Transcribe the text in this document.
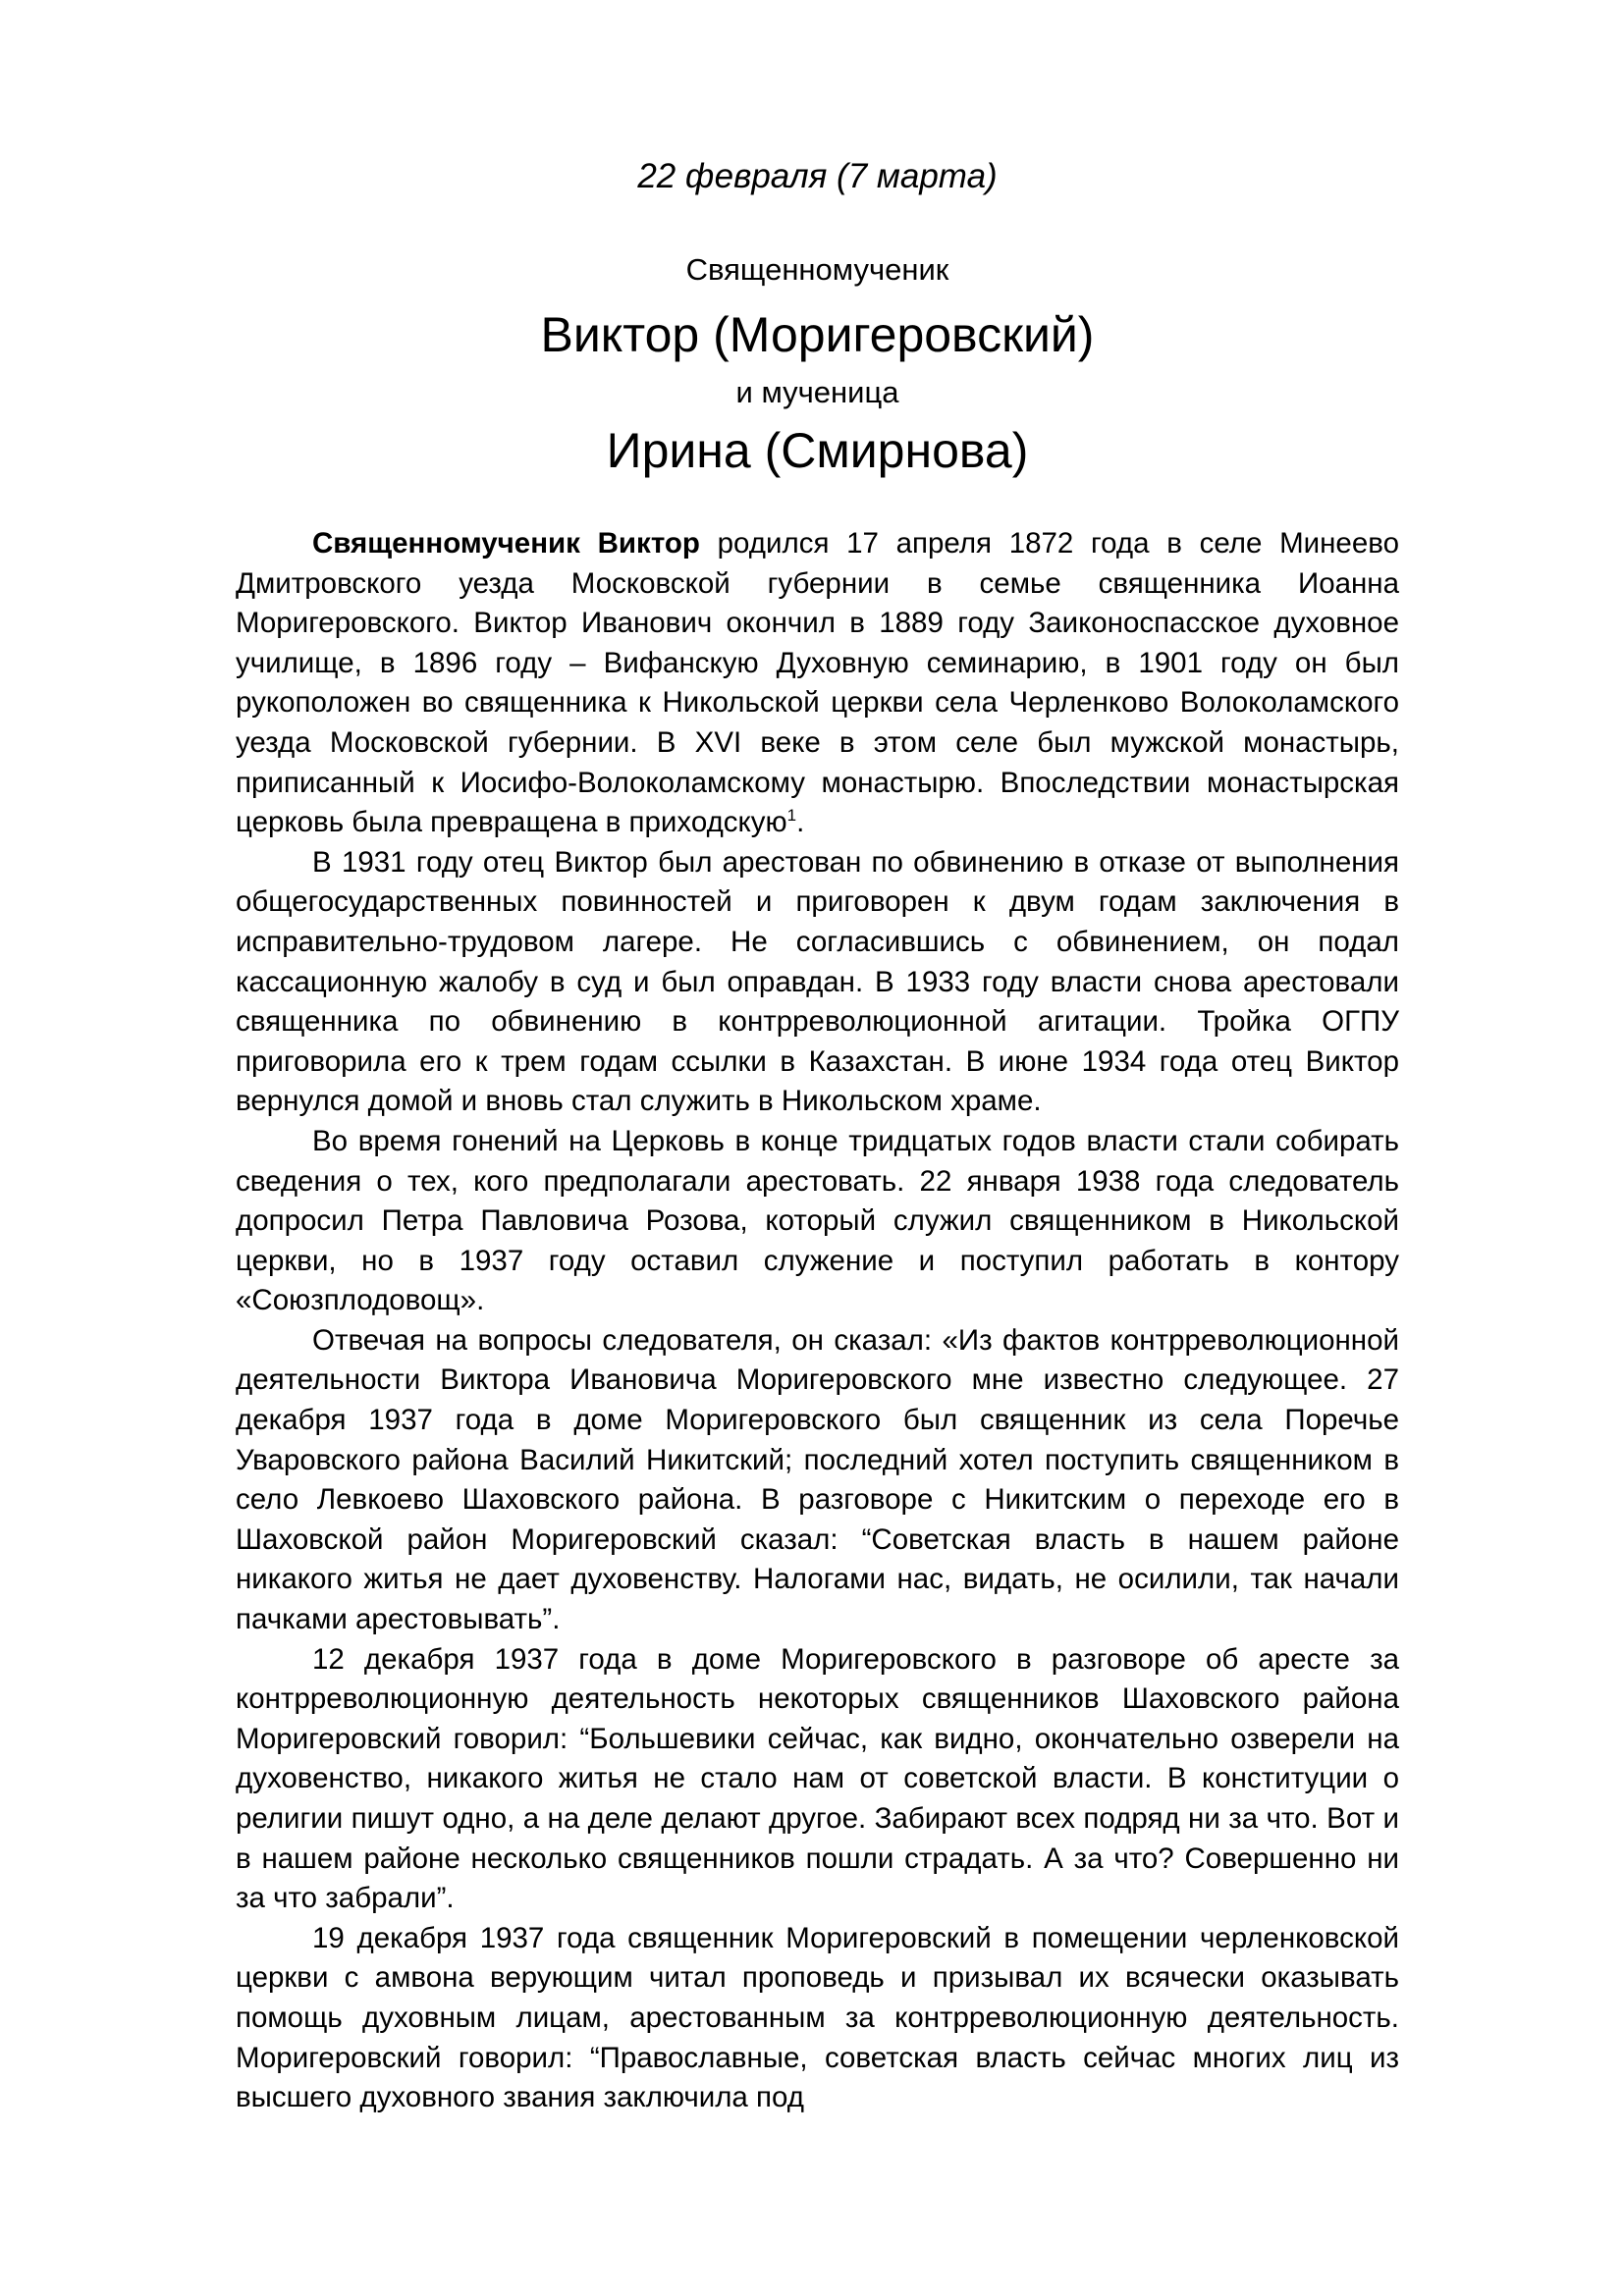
22 февраля (7 марта)
Священномученик
Виктор (Моригеровский)
и мученица
Ирина (Смирнова)

Священномученик Виктор родился 17 апреля 1872 года в селе Минеево Дмитровского уезда Московской губернии в семье священника Иоанна Моригеровского. Виктор Иванович окончил в 1889 году Заиконоспасское духовное училище, в 1896 году – Вифанскую Духовную семинарию, в 1901 году он был рукоположен во священника к Никольской церкви села Черленково Волоколамского уезда Московской губернии. В XVI веке в этом селе был мужской монастырь, приписанный к Иосифо-Волоколамскому монастырю. Впоследствии монастырская церковь была превращена в приходскую$^1$.

В 1931 году отец Виктор был арестован по обвинению в отказе от выполнения общегосударственных повинностей и приговорен к двум годам заключения в исправительно-трудовом лагере. Не согласившись с обвинением, он подал кассационную жалобу в суд и был оправдан. В 1933 году власти снова арестовали священника по обвинению в контрреволюционной агитации. Тройка ОГПУ приговорила его к трем годам ссылки в Казахстан. В июне 1934 года отец Виктор вернулся домой и вновь стал служить в Никольском храме.

Во время гонений на Церковь в конце тридцатых годов власти стали собирать сведения о тех, кого предполагали арестовать. 22 января 1938 года следователь допросил Петра Павловича Розова, который служил священником в Никольской церкви, но в 1937 году оставил служение и поступил работать в контору «Союзплодовощ».

Отвечая на вопросы следователя, он сказал: «Из фактов контрреволюционной деятельности Виктора Ивановича Моригеровского мне известно следующее. 27 декабря 1937 года в доме Моригеровского был священник из села Поречье Уваровского района Василий Никитский; последний хотел поступить священником в село Левкоево Шаховского района. В разговоре с Никитским о переходе его в Шаховской район Моригеровский сказал: “Советская власть в нашем районе никакого житья не дает духовенству. Налогами нас, видать, не осилили, так начали пачками арестовывать”.

12 декабря 1937 года в доме Моригеровского в разговоре об аресте за контрреволюционную деятельность некоторых священников Шаховского района Моригеровский говорил: “Большевики сейчас, как видно, окончательно озверели на духовенство, никакого житья не стало нам от советской власти. В конституции о религии пишут одно, а на деле делают другое. Забирают всех подряд ни за что. Вот и в нашем районе несколько священников пошли страдать. А за что? Совершенно ни за что забрали”.

19 декабря 1937 года священник Моригеровский в помещении черленковской церкви с амвона верующим читал проповедь и призывал их всячески оказывать помощь духовным лицам, арестованным за контрреволюционную деятельность. Моригеровский говорил: “Православные, советская власть сейчас многих лиц из высшего духовного звания заключила под
